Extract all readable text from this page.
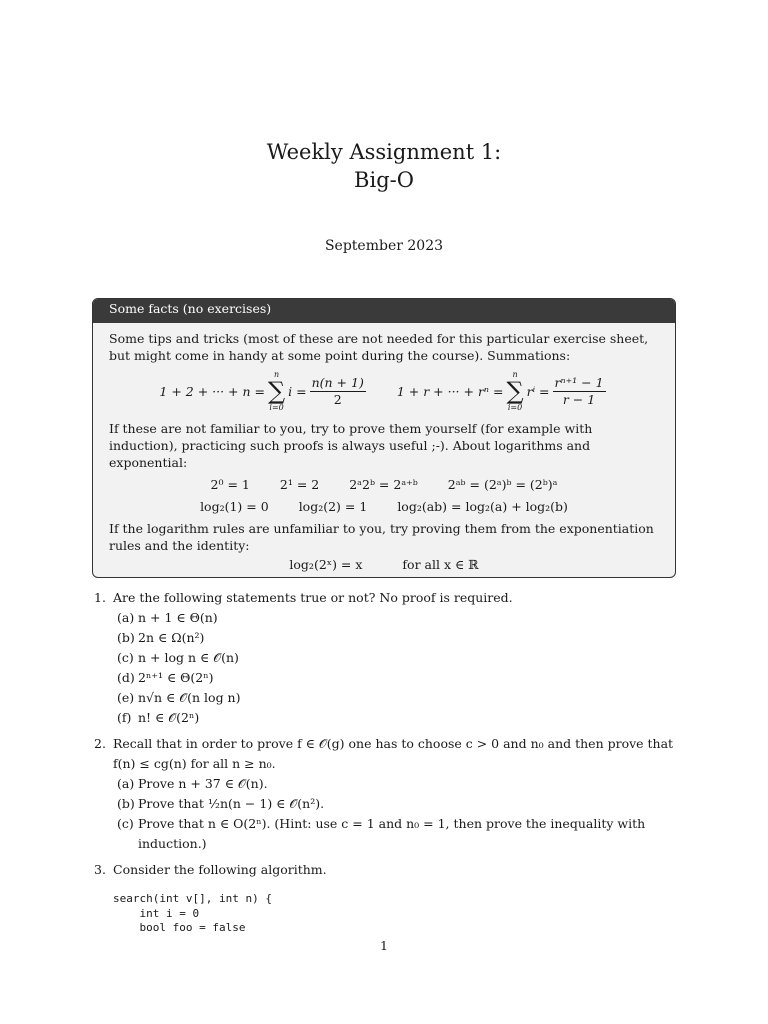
Weekly Assignment 1:
Big-O
September 2023
Some facts (no exercises)

Some tips and tricks (most of these are not needed for this particular exercise sheet, but might come in handy at some point during the course). Summations:

1 + 2 + ··· + n =
n
∑
i=0
$i = \frac{n(n + 1)}{2} 1 + r$ + ··· + rⁿ =
n
∑
i=0
$r^i = \frac{\text{rⁿ⁺¹ − 1}}{r - 1}$

If these are not familiar to you, try to prove them yourself (for example with induction), practicing such proofs is always useful ;-). About logarithms and exponential:

2⁰ = 1 2¹ = 2 2ᵃ2ᵇ = 2ᵃ⁺ᵇ 2ᵃᵇ = (2ᵃ)ᵇ = (2ᵇ)ᵃ
log₂(1) = 0 log₂(2) = 1 log₂(ab) = log₂(a) + log₂(b)

If the logarithm rules are unfamiliar to you, try proving them from the exponentiation rules and the identity:

log₂(2ˣ) = x	for all x ∈ ℝ
1. Are the following statements true or not? No proof is required.
(a) n + 1 ∈ Θ(n)
(b) 2n ∈ Ω(n²)
(c) n + log n ∈ 𝒪(n)
(d) 2ⁿ⁺¹ ∈ Θ(2ⁿ)
(e) n√n ∈ 𝒪(n log n)
(f) n! ∈ 𝒪(2ⁿ)
2. Recall that in order to prove f ∈ 𝒪(g) one has to choose c > 0 and n₀ and then prove that f(n) ≤ cg(n) for all n ≥ n₀.
(a) Prove n + 37 ∈ 𝒪(n).
(b) Prove that ½n(n − 1) ∈ 𝒪(n²).
(c) Prove that n ∈ O(2ⁿ). (Hint: use c = 1 and n₀ = 1, then prove the inequality with induction.)
3. Consider the following algorithm.
search(int v[], int n) {
int i = 0
bool foo = false
1
